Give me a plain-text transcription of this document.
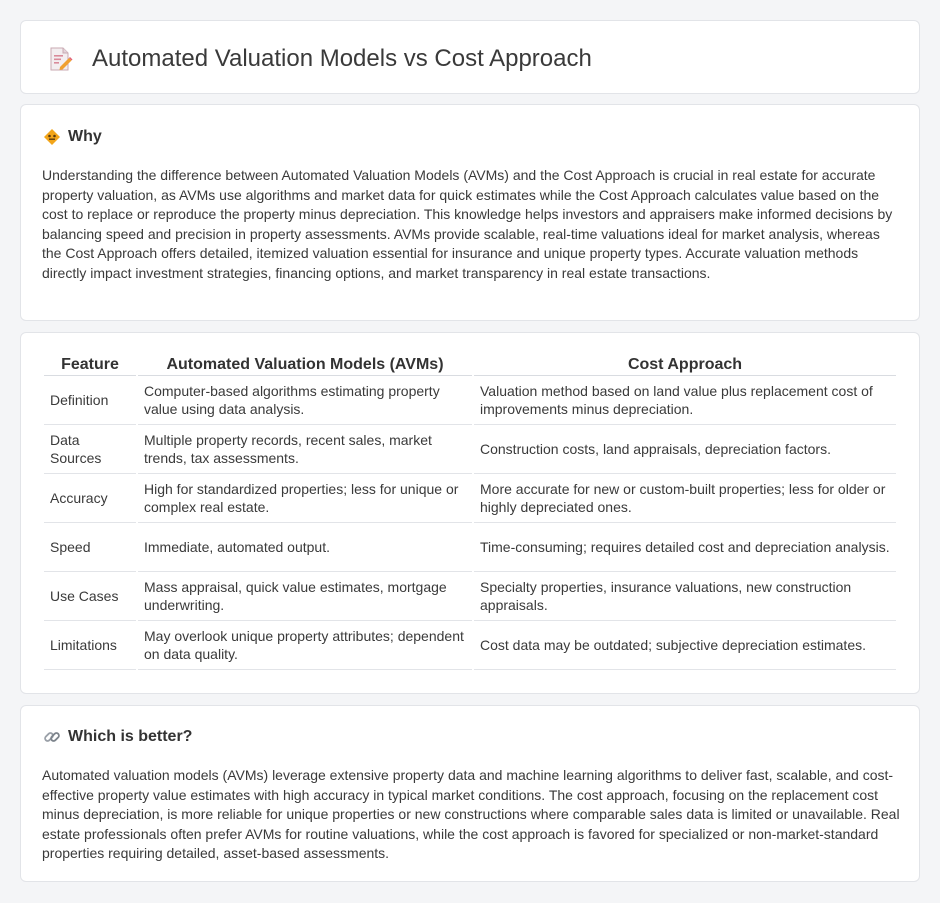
Automated Valuation Models vs Cost Approach
Why

Understanding the difference between Automated Valuation Models (AVMs) and the Cost Approach is crucial in real estate for accurate property valuation, as AVMs use algorithms and market data for quick estimates while the Cost Approach calculates value based on the cost to replace or reproduce the property minus depreciation. This knowledge helps investors and appraisers make informed decisions by balancing speed and precision in property assessments. AVMs provide scalable, real-time valuations ideal for market analysis, whereas the Cost Approach offers detailed, itemized valuation essential for insurance and unique property types. Accurate valuation methods directly impact investment strategies, financing options, and market transparency in real estate transactions.

Feature	Automated Valuation Models (AVMs)	Cost Approach
Definition	Computer-based algorithms estimating property value using data analysis.	Valuation method based on land value plus replacement cost of improvements minus depreciation.
Data Sources	Multiple property records, recent sales, market trends, tax assessments.	Construction costs, land appraisals, depreciation factors.
Accuracy	High for standardized properties; less for unique or complex real estate.	More accurate for new or custom-built properties; less for older or highly depreciated ones.
Speed	Immediate, automated output.	Time-consuming; requires detailed cost and depreciation analysis.
Use Cases	Mass appraisal, quick value estimates, mortgage underwriting.	Specialty properties, insurance valuations, new construction appraisals.
Limitations	May overlook unique property attributes; dependent on data quality.	Cost data may be outdated; subjective depreciation estimates.
Which is better?

Automated valuation models (AVMs) leverage extensive property data and machine learning algorithms to deliver fast, scalable, and cost-effective property value estimates with high accuracy in typical market conditions. The cost approach, focusing on the replacement cost minus depreciation, is more reliable for unique properties or new constructions where comparable sales data is limited or unavailable. Real estate professionals often prefer AVMs for routine valuations, while the cost approach is favored for specialized or non-market-standard properties requiring detailed, asset-based assessments.
